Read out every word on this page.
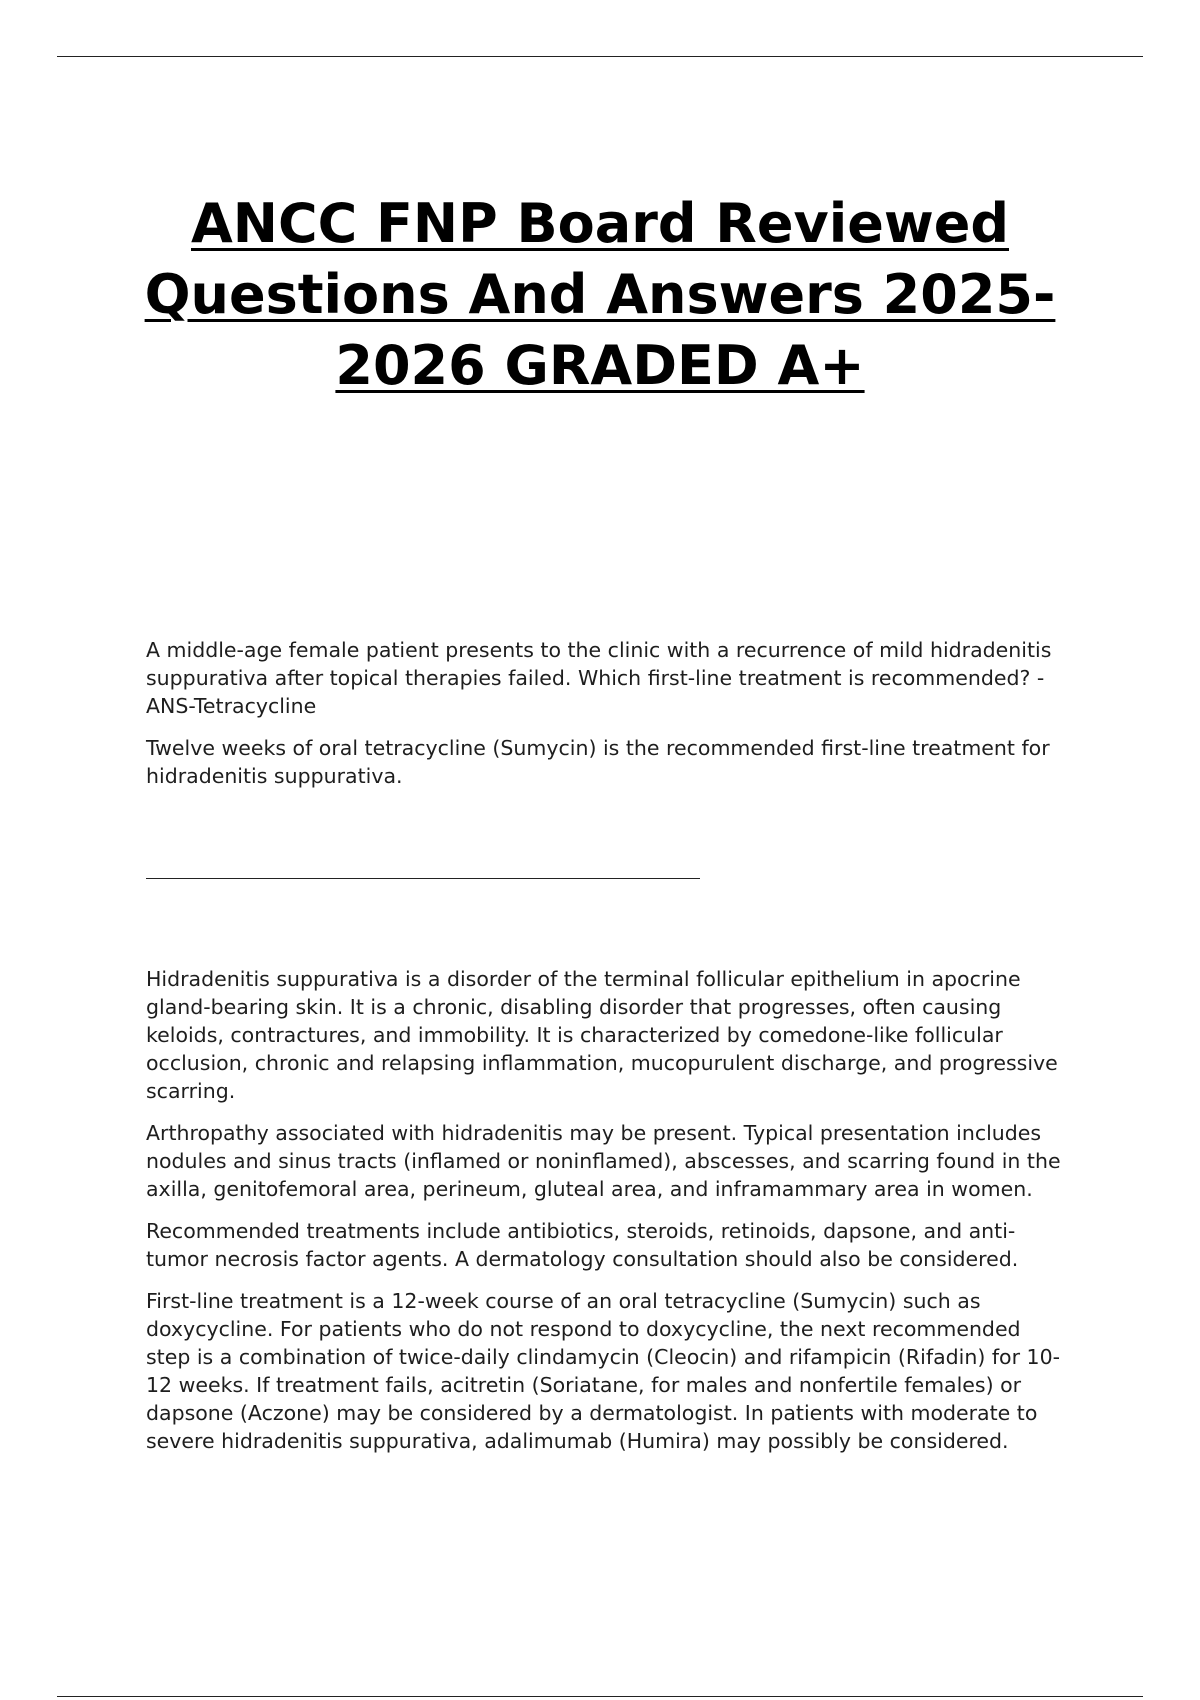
ANCC FNP Board Reviewed Questions And Answers 2025-2026 GRADED A+

A middle-age female patient presents to the clinic with a recurrence of mild hidradenitis suppurativa after topical therapies failed. Which first-line treatment is recommended? - ANS-Tetracycline

Twelve weeks of oral tetracycline (Sumycin) is the recommended first-line treatment for hidradenitis suppurativa.

Hidradenitis suppurativa is a disorder of the terminal follicular epithelium in apocrine gland-bearing skin. It is a chronic, disabling disorder that progresses, often causing keloids, contractures, and immobility. It is characterized by comedone-like follicular occlusion, chronic and relapsing inflammation, mucopurulent discharge, and progressive scarring.

Arthropathy associated with hidradenitis may be present. Typical presentation includes nodules and sinus tracts (inflamed or noninflamed), abscesses, and scarring found in the axilla, genitofemoral area, perineum, gluteal area, and inframammary area in women.

Recommended treatments include antibiotics, steroids, retinoids, dapsone, and anti-tumor necrosis factor agents. A dermatology consultation should also be considered.

First-line treatment is a 12-week course of an oral tetracycline (Sumycin) such as doxycycline. For patients who do not respond to doxycycline, the next recommended step is a combination of twice-daily clindamycin (Cleocin) and rifampicin (Rifadin) for 10-12 weeks. If treatment fails, acitretin (Soriatane, for males and nonfertile females) or dapsone (Aczone) may be considered by a dermatologist. In patients with moderate to severe hidradenitis suppurativa, adalimumab (Humira) may possibly be considered.
